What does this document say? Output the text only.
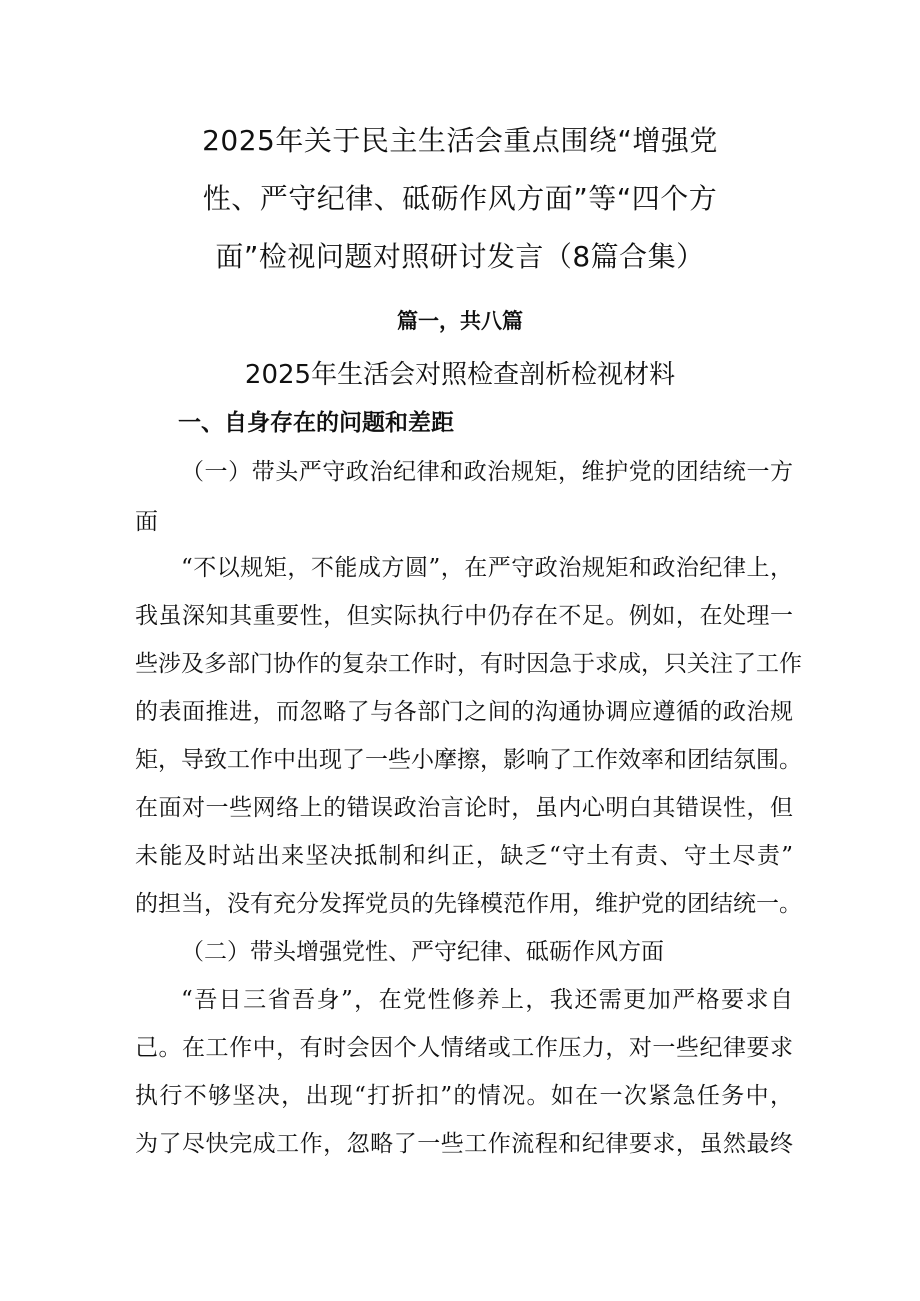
2025年关于民主生活会重点围绕“增强党
性、严守纪律、砥砺作风方面”等“四个方
面”检视问题对照研讨发言（8篇合集）
篇一，共八篇
2025年生活会对照检查剖析检视材料
一、自身存在的问题和差距
（一）带头严守政治纪律和政治规矩，维护党的团结统一方
面
“不以规矩，不能成方圆”，在严守政治规矩和政治纪律上，
我虽深知其重要性，但实际执行中仍存在不足。例如，在处理一
些涉及多部门协作的复杂工作时，有时因急于求成，只关注了工作
的表面推进，而忽略了与各部门之间的沟通协调应遵循的政治规
矩，导致工作中出现了一些小摩擦，影响了工作效率和团结氛围。
在面对一些网络上的错误政治言论时，虽内心明白其错误性，但
未能及时站出来坚决抵制和纠正，缺乏“守土有责、守土尽责”
的担当，没有充分发挥党员的先锋模范作用，维护党的团结统一。
（二）带头增强党性、严守纪律、砥砺作风方面
“吾日三省吾身”，在党性修养上，我还需更加严格要求自
己。在工作中，有时会因个人情绪或工作压力，对一些纪律要求
执行不够坚决，出现“打折扣”的情况。如在一次紧急任务中，
为了尽快完成工作，忽略了一些工作流程和纪律要求，虽然最终
